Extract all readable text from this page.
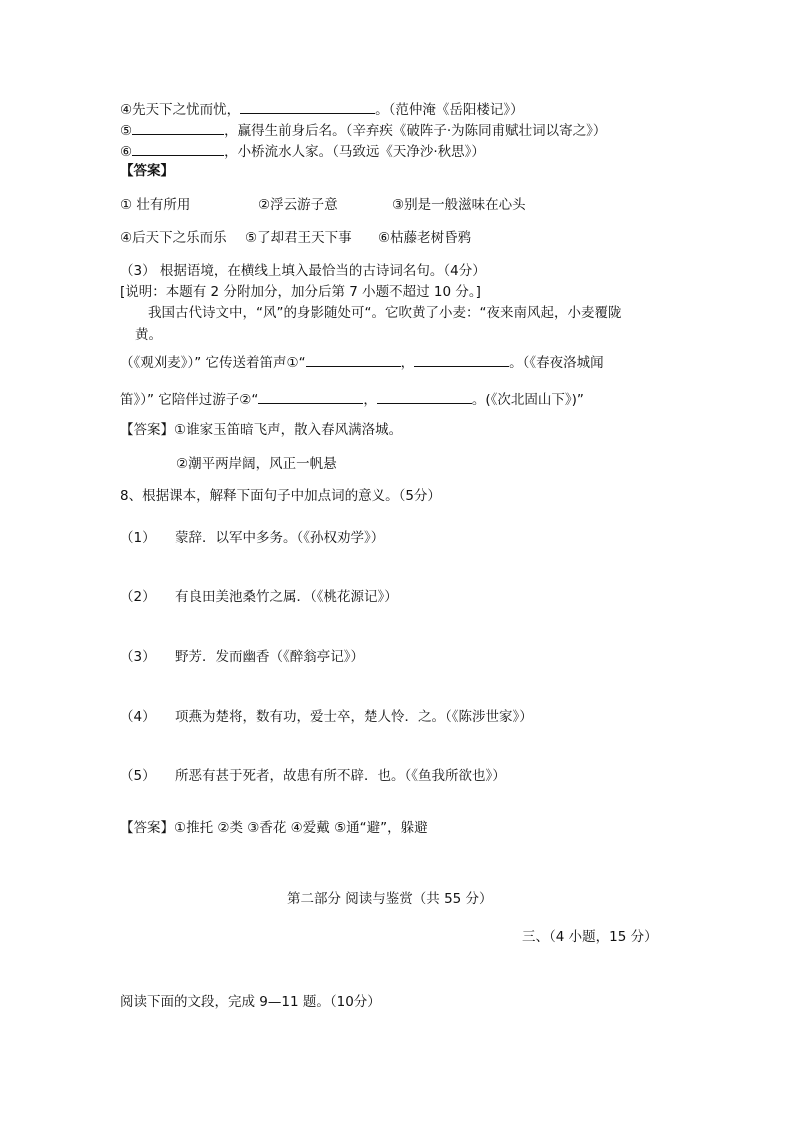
④先天下之忧而忧，	。（范仲淹《岳阳楼记》）
⑤	，赢得生前身后名。（辛弃疾《破阵子·为陈同甫赋壮词以寄之》）
⑥	，小桥流水人家。（马致远《天净沙·秋思》）
【答案】
① 壮有所用	②浮云游子意	③别是一般滋味在心头
④后天下之乐而乐 ⑤了却君王天下事 ⑥枯藤老树昏鸦
（3） 根据语境，在横线上填入最恰当的古诗词名句。（4分）
[说明：本题有 2 分附加分，加分后第 7 小题不超过 10 分。]
我国古代诗文中，“风”的身影随处可“。它吹黄了小麦：“夜来南风起，小麦覆陇
黄。
（《观刈麦》）” 它传送着笛声①“	，	。（《春夜洛城闻
笛》）” 它陪伴过游子②“	，	。(《次北固山下》)”
【答案】①谁家玉笛暗飞声，散入春风满洛城。
②潮平两岸阔，风正一帆悬
8、根据课本，解释下面句子中加点词的意义。（5分）
（1） 蒙辞．以军中多务。（《孙权劝学》）
（2） 有良田美池桑竹之属．（《桃花源记》）
（3） 野芳．发而幽香（《醉翁亭记》）
（4） 项燕为楚将，数有功，爱士卒，楚人怜．之。（《陈涉世家》）
（5） 所恶有甚于死者，故患有所不辟．也。（《鱼我所欲也》）
【答案】①推托 ②类 ③香花 ④爱戴 ⑤通“避”，躲避
第二部分 阅读与鉴赏（共 55 分）
三、（4 小题，15 分）
阅读下面的文段，完成 9—11 题。（10分）
